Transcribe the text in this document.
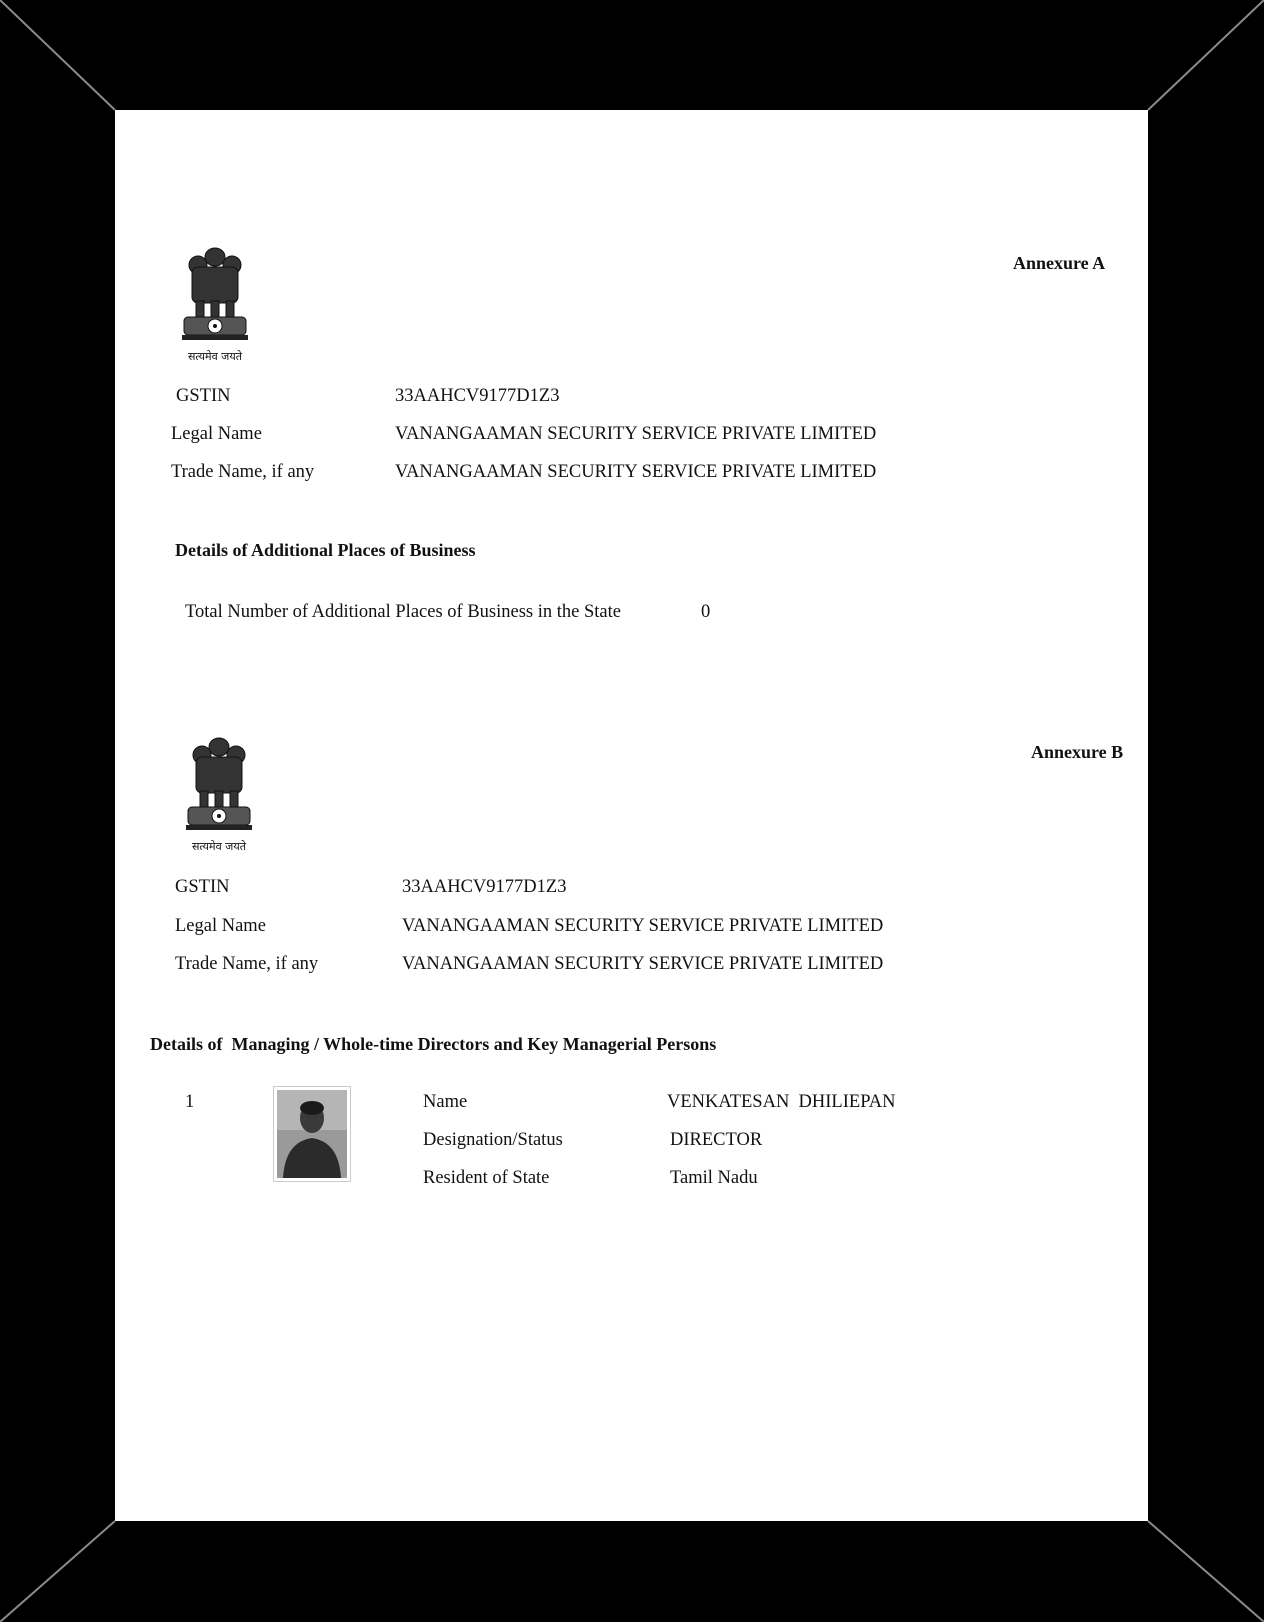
सत्यमेव जयते
Annexure A
GSTIN	33AAHCV9177D1Z3
Legal Name	VANANGAAMAN SECURITY SERVICE PRIVATE LIMITED
Trade Name, if any	VANANGAAMAN SECURITY SERVICE PRIVATE LIMITED
Details of Additional Places of Business
Total Number of Additional Places of Business in the State	0
सत्यमेव जयते
Annexure B
GSTIN	33AAHCV9177D1Z3
Legal Name	VANANGAAMAN SECURITY SERVICE PRIVATE LIMITED
Trade Name, if any	VANANGAAMAN SECURITY SERVICE PRIVATE LIMITED
Details of  Managing / Whole-time Directors and Key Managerial Persons
1	Name	VENKATESAN  DHILIEPAN
Designation/Status	DIRECTOR
Resident of State	Tamil Nadu
